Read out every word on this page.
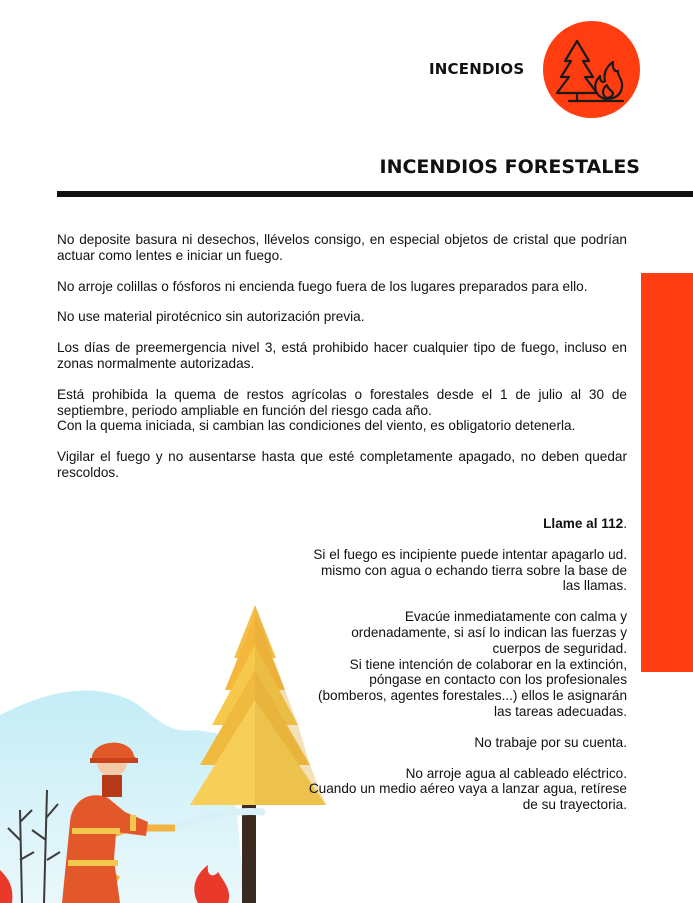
INCENDIOS
INCENDIOS FORESTALES

No deposite basura ni desechos, llévelos consigo, en especial objetos de cristal que podrían actuar como lentes e iniciar un fuego.

No arroje colillas o fósforos ni encienda fuego fuera de los lugares preparados para ello.

No use material pirotécnico sin autorización previa.

Los días de preemergencia nivel 3, está prohibido hacer cualquier tipo de fuego, incluso en zonas normalmente autorizadas.

Está prohibida la quema de restos agrícolas o forestales desde el 1 de julio al 30 de septiembre, periodo ampliable en función del riesgo cada año.

Con la quema iniciada, si cambian las condiciones del viento, es obligatorio detenerla.

Vigilar el fuego y no ausentarse hasta que esté completamente apagado, no deben quedar rescoldos.

Llame al 112.

Si el fuego es incipiente puede intentar apagarlo ud. mismo con agua o echando tierra sobre la base de las llamas.

Evacúe inmediatamente con calma y ordenadamente, si así lo indican las fuerzas y cuerpos de seguridad.

Si tiene intención de colaborar en la extinción, póngase en contacto con los profesionales (bomberos, agentes forestales...) ellos le asignarán las tareas adecuadas.

No trabaje por su cuenta.

No arroje agua al cableado eléctrico.

Cuando un medio aéreo vaya a lanzar agua, retírese de su trayectoria.
